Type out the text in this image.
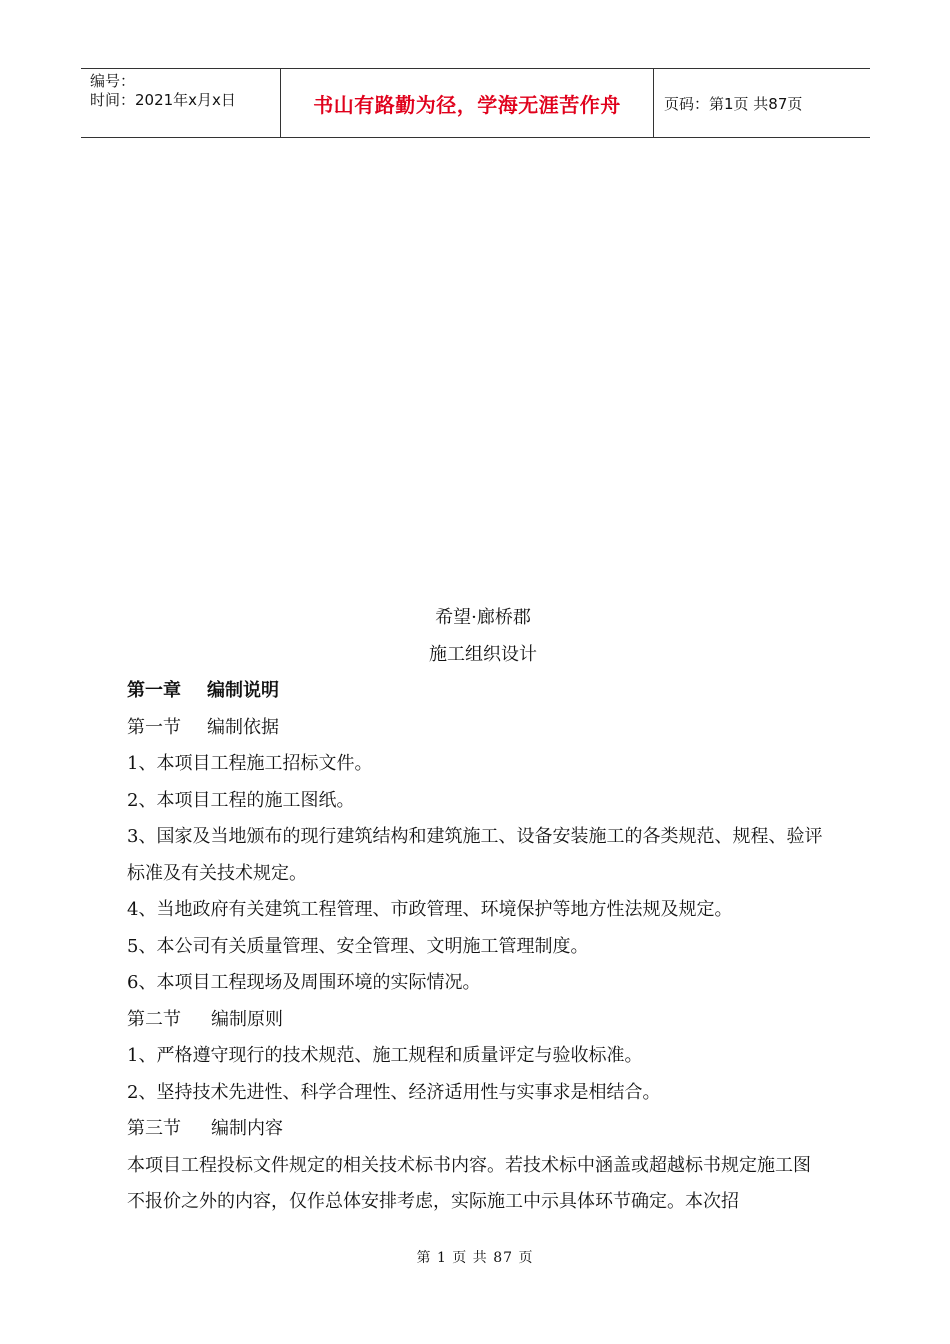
编号：
时间：2021年x月x日	书山有路勤为径，学海无涯苦作舟	页码：第1页 共87页
希望·廊桥郡
施工组织设计
第一章 编制说明
第一节 编制依据

1、本项目工程施工招标文件。

2、本项目工程的施工图纸。

3、国家及当地颁布的现行建筑结构和建筑施工、设备安装施工的各类规范、规程、验评标准及有关技术规定。

4、当地政府有关建筑工程管理、市政管理、环境保护等地方性法规及规定。

5、本公司有关质量管理、安全管理、文明施工管理制度。

6、本项目工程现场及周围环境的实际情况。

第二节 编制原则

1、严格遵守现行的技术规范、施工规程和质量评定与验收标准。

2、坚持技术先进性、科学合理性、经济适用性与实事求是相结合。

第三节 编制内容

本项目工程投标文件规定的相关技术标书内容。若技术标中涵盖或超越标书规定施工图不报价之外的内容，仅作总体安排考虑，实际施工中示具体环节确定。本次招

第 1 页 共 87 页
